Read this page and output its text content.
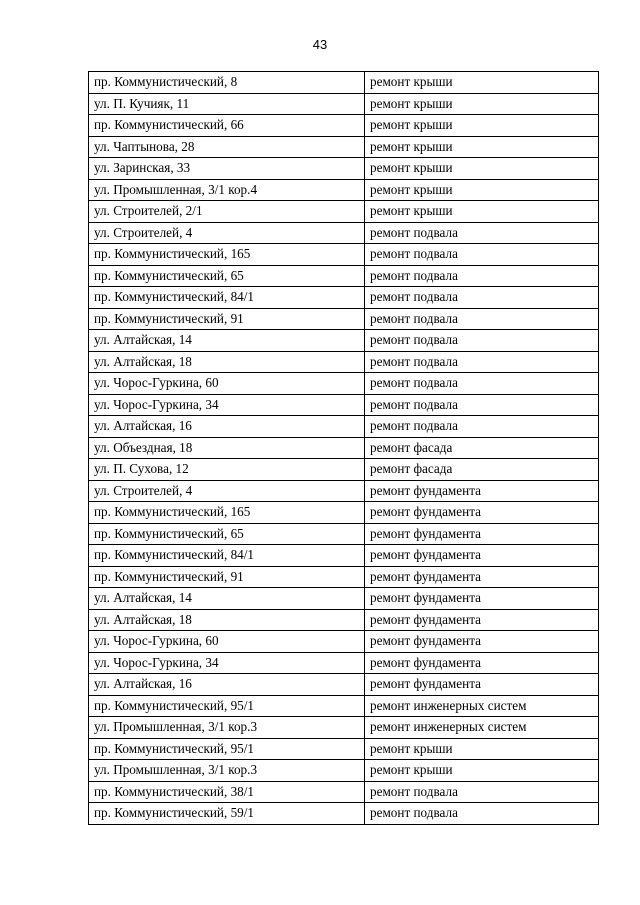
43
пр. Коммунистический, 8	ремонт крыши
ул. П. Кучияк, 11	ремонт крыши
пр. Коммунистический, 66	ремонт крыши
ул. Чаптынова, 28	ремонт крыши
ул. Заринская, 33	ремонт крыши
ул. Промышленная, 3/1 кор.4	ремонт крыши
ул. Строителей, 2/1	ремонт крыши
ул. Строителей, 4	ремонт подвала
пр. Коммунистический, 165	ремонт подвала
пр. Коммунистический, 65	ремонт подвала
пр. Коммунистический, 84/1	ремонт подвала
пр. Коммунистический, 91	ремонт подвала
ул. Алтайская, 14	ремонт подвала
ул. Алтайская, 18	ремонт подвала
ул. Чорос-Гуркина, 60	ремонт подвала
ул. Чорос-Гуркина, 34	ремонт подвала
ул. Алтайская, 16	ремонт подвала
ул. Объездная, 18	ремонт фасада
ул. П. Сухова, 12	ремонт фасада
ул. Строителей, 4	ремонт фундамента
пр. Коммунистический, 165	ремонт фундамента
пр. Коммунистический, 65	ремонт фундамента
пр. Коммунистический, 84/1	ремонт фундамента
пр. Коммунистический, 91	ремонт фундамента
ул. Алтайская, 14	ремонт фундамента
ул. Алтайская, 18	ремонт фундамента
ул. Чорос-Гуркина, 60	ремонт фундамента
ул. Чорос-Гуркина, 34	ремонт фундамента
ул. Алтайская, 16	ремонт фундамента
пр. Коммунистический, 95/1	ремонт инженерных систем
ул. Промышленная, 3/1 кор.3	ремонт инженерных систем
пр. Коммунистический, 95/1	ремонт крыши
ул. Промышленная, 3/1 кор.3	ремонт крыши
пр. Коммунистический, 38/1	ремонт подвала
пр. Коммунистический, 59/1	ремонт подвала
